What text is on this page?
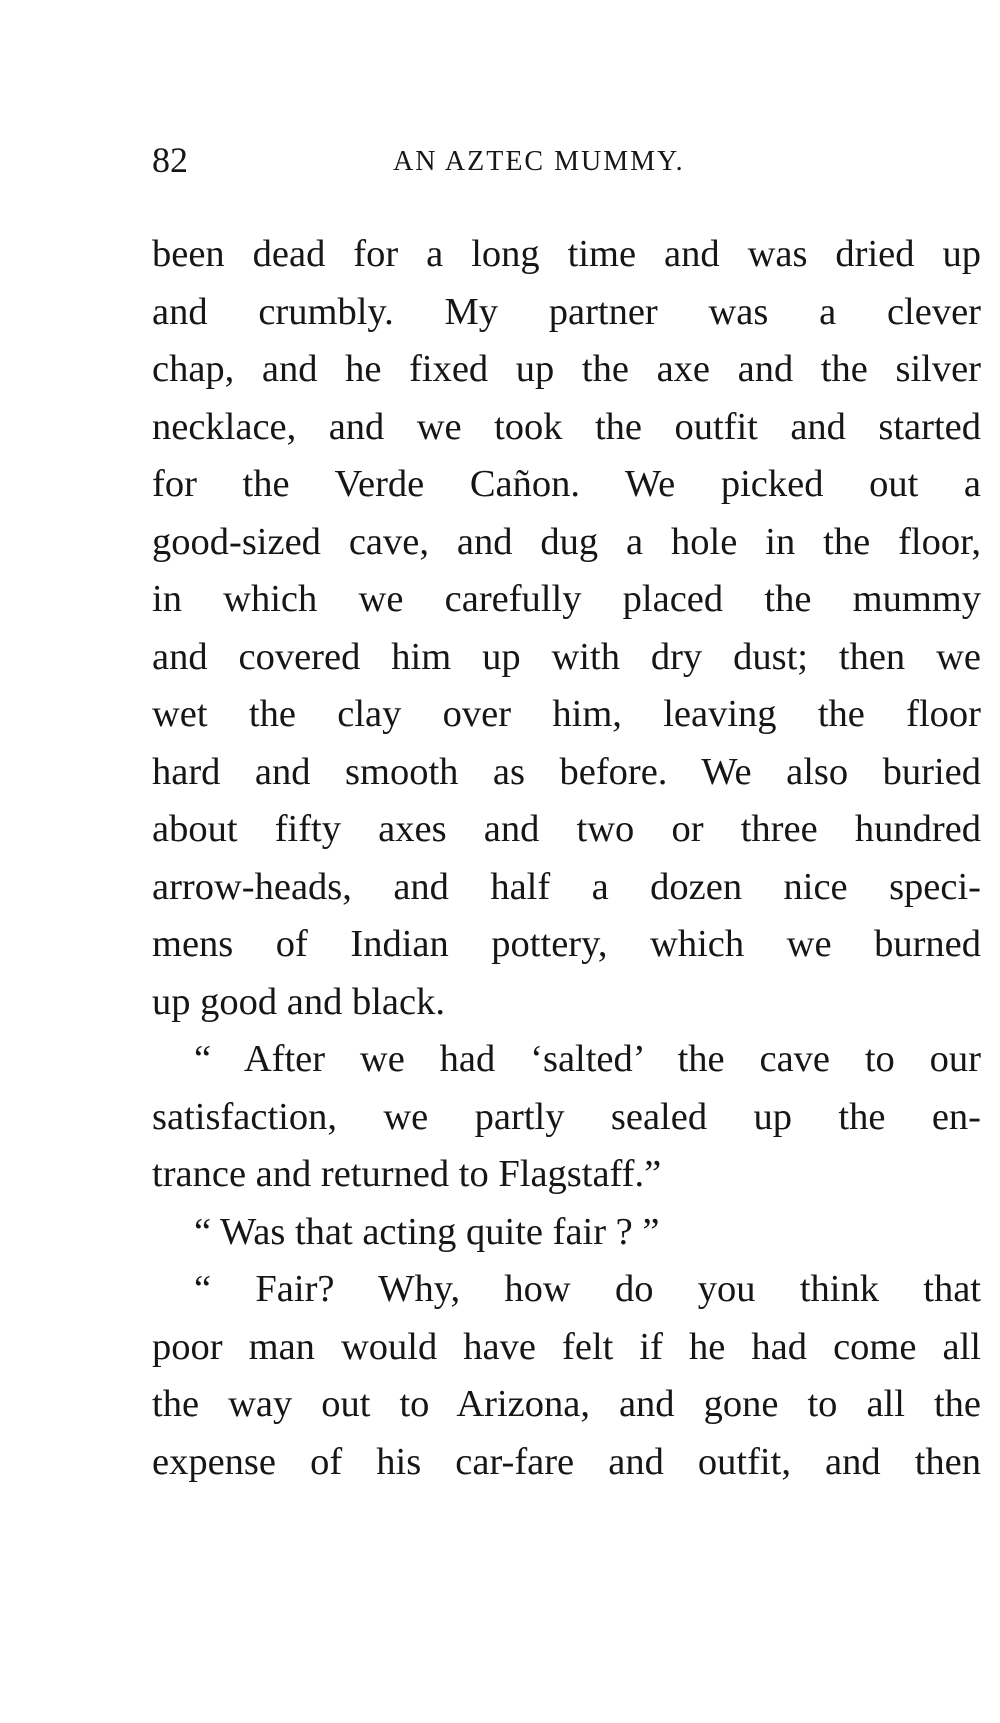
82	AN AZTEC MUMMY.
been dead for a long time and was dried up
and crumbly. My partner was a clever
chap, and he fixed up the axe and the silver
necklace, and we took the outfit and started
for the Verde Cañon. We picked out a
good-sized cave, and dug a hole in the floor,
in which we carefully placed the mummy
and covered him up with dry dust; then we
wet the clay over him, leaving the floor
hard and smooth as before. We also buried
about fifty axes and two or three hundred
arrow-heads, and half a dozen nice speci-
mens of Indian pottery, which we burned
up good and black.
“ After we had ‘salted’ the cave to our
satisfaction, we partly sealed up the en-
trance and returned to Flagstaff.”
“ Was that acting quite fair ? ”
“ Fair? Why, how do you think that
poor man would have felt if he had come all
the way out to Arizona, and gone to all the
expense of his car-fare and outfit, and then
